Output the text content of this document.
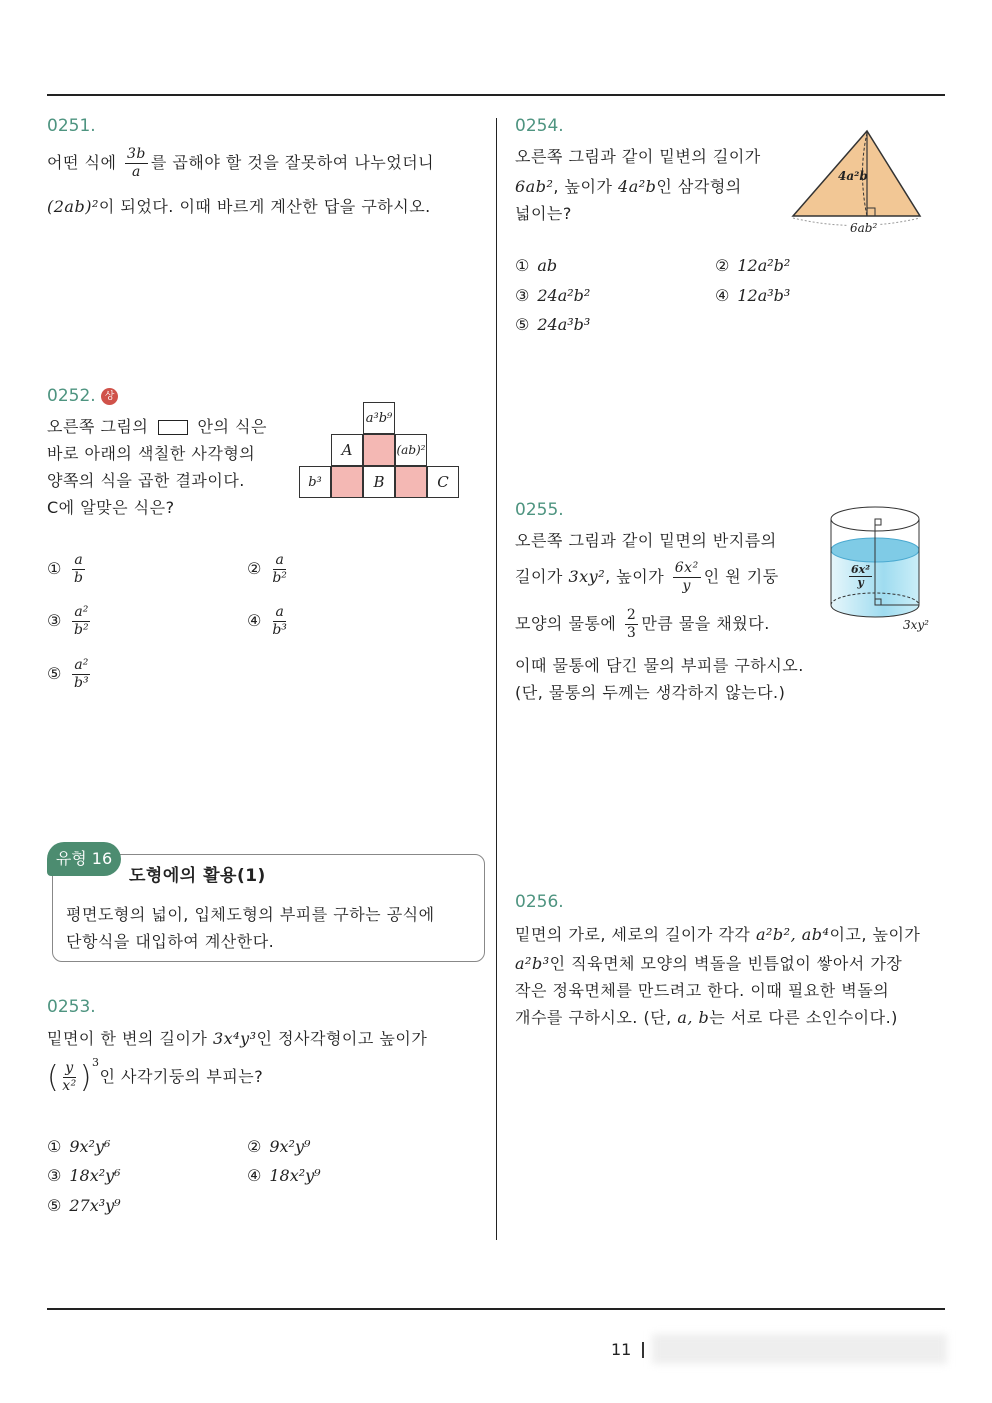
0251.
어떤 식에 $\frac{3b}{a}$ 를 곱해야 할 것을 잘못하여 나누었더니
(2ab)²이 되었다. 이때 바르게 계산한 답을 구하시오.
0252. 상
오른쪽 그림의	안의 식은
바로 아래의 색칠한 사각형의
양쪽의 식을 곱한 결과이다.
C에 알맞은 식은?
a³b⁹
A	(ab)²
b³	B	C
① $\frac{a}{b}$	② $\frac{a}{\text{b²}}$
③ $\frac{\text{a²}}{\text{b²}}$	④ $\frac{a}{\text{b³}}$
⑤ $\frac{\text{a²}}{\text{b³}}$
유형 16
도형에의 활용(1)
평면도형의 넓이, 입체도형의 부피를 구하는 공식에
단항식을 대입하여 계산한다.
0253.
밑면이 한 변의 길이가 3x⁴y³인 정사각형이고 높이가
( $\frac{y}{\text{x²}} )^3$인 사각기둥의 부피는?
① 9x²y⁶	② 9x²y⁹
③ 18x²y⁶	④ 18x²y⁹
⑤ 27x³y⁹
0254.
오른쪽 그림과 같이 밑변의 길이가
6ab², 높이가 4a²b인 삼각형의
넓이는?
4a²b
6ab²
① ab	② 12a²b²
③ 24a²b²	④ 12a³b³
⑤ 24a³b³
0255.
오른쪽 그림과 같이 밑면의 반지름의
길이가 3xy², 높이가 $\frac{\text{6x²}}{y}$ 인 원 기둥
모양의 물통에 $\frac{2}{3}$ 만큼 물을 채웠다.
이때 물통에 담긴 물의 부피를 구하시오.
(단, 물통의 두께는 생각하지 않는다.)
$\frac{\text{6x²}}{y}$
3xy²
0256.
밑면의 가로, 세로의 길이가 각각 a²b², ab⁴이고, 높이가
a²b³인 직육면체 모양의 벽돌을 빈틈없이 쌓아서 가장
작은 정육면체를 만드려고 한다. 이때 필요한 벽돌의
개수를 구하시오. (단, a, b는 서로 다른 소인수이다.)
11
